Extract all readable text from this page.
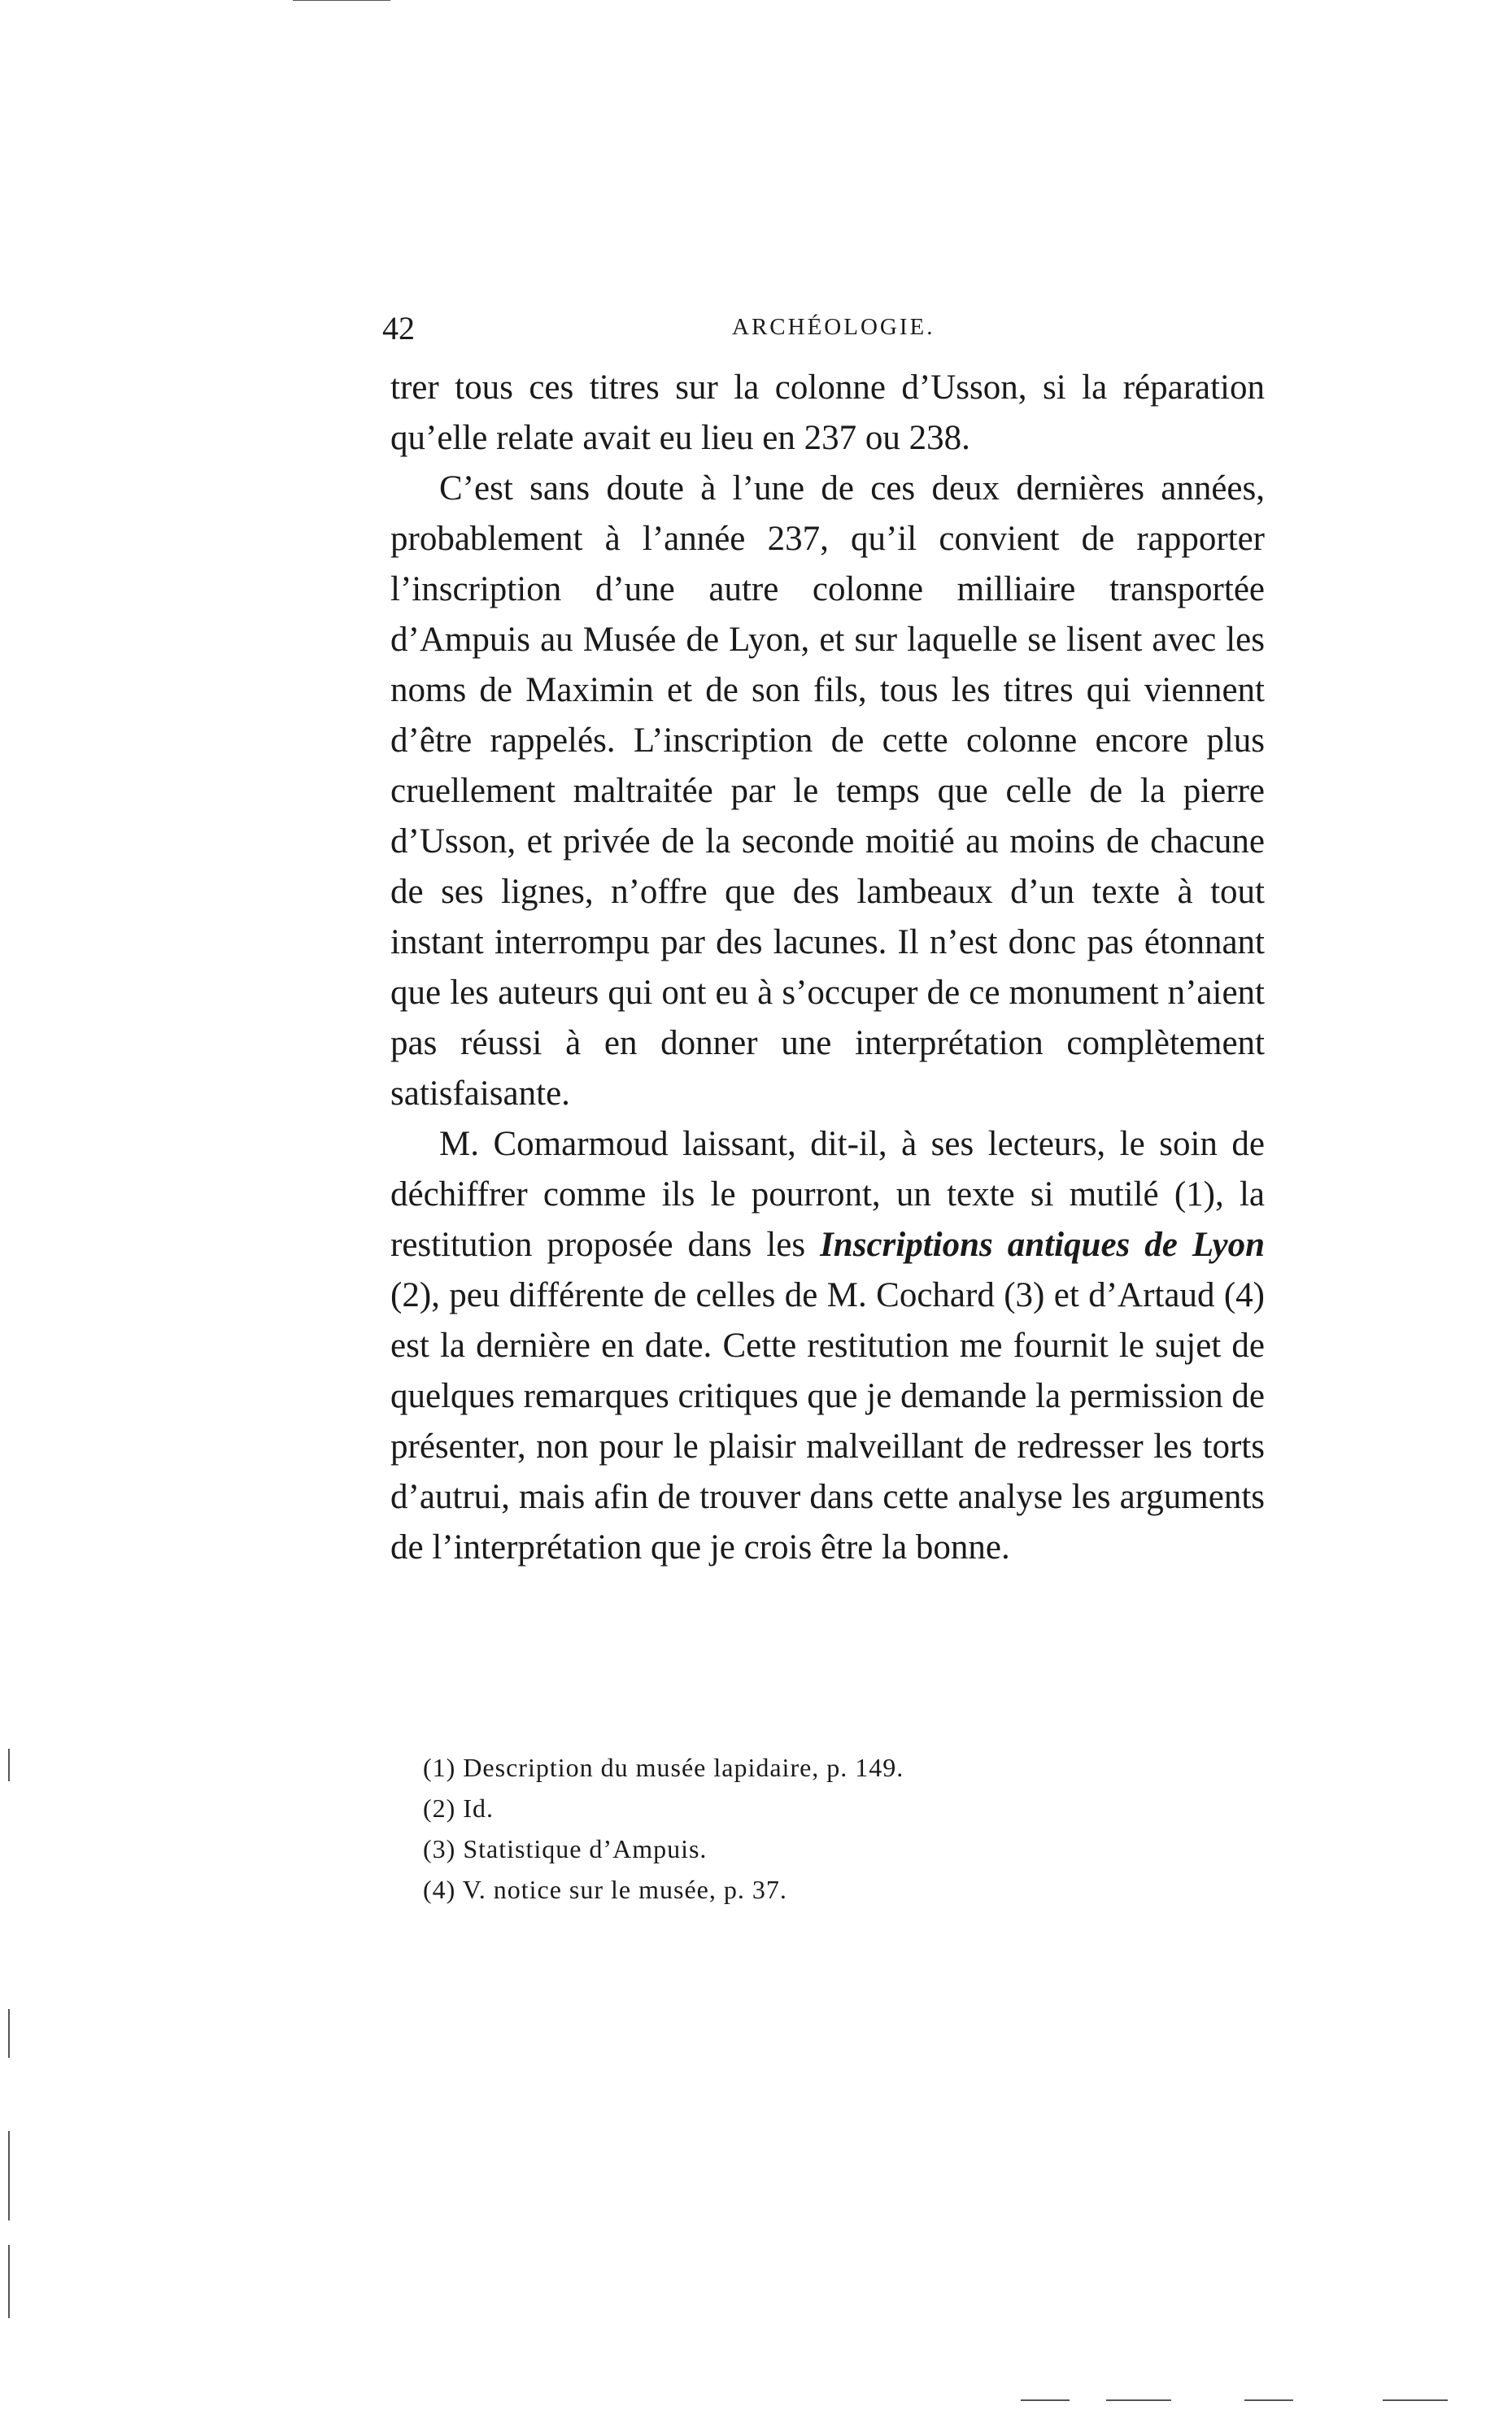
42	ARCHÉOLOGIE.

trer tous ces titres sur la colonne d’Usson, si la réparation qu’elle relate avait eu lieu en 237 ou 238.

C’est sans doute à l’une de ces deux dernières années, probablement à l’année 237, qu’il convient de rapporter l’inscription d’une autre colonne milliaire transportée d’Ampuis au Musée de Lyon, et sur laquelle se lisent avec les noms de Maximin et de son fils, tous les titres qui viennent d’être rappelés. L’inscription de cette colonne encore plus cruellement maltraitée par le temps que celle de la pierre d’Usson, et privée de la seconde moitié au moins de chacune de ses lignes, n’offre que des lambeaux d’un texte à tout instant interrompu par des lacunes. Il n’est donc pas étonnant que les auteurs qui ont eu à s’occuper de ce monument n’aient pas réussi à en donner une interprétation complètement satisfaisante.

M. Comarmoud laissant, dit-il, à ses lecteurs, le soin de déchiffrer comme ils le pourront, un texte si mutilé (1), la restitution proposée dans les Inscriptions antiques de Lyon (2), peu différente de celles de M. Cochard (3) et d’Artaud (4) est la dernière en date. Cette restitution me fournit le sujet de quelques remarques critiques que je demande la permission de présenter, non pour le plaisir malveillant de redresser les torts d’autrui, mais afin de trouver dans cette analyse les arguments de l’interprétation que je crois être la bonne.

(1) Description du musée lapidaire, p. 149.
(2) Id.
(3) Statistique d’Ampuis.
(4) V. notice sur le musée, p. 37.
